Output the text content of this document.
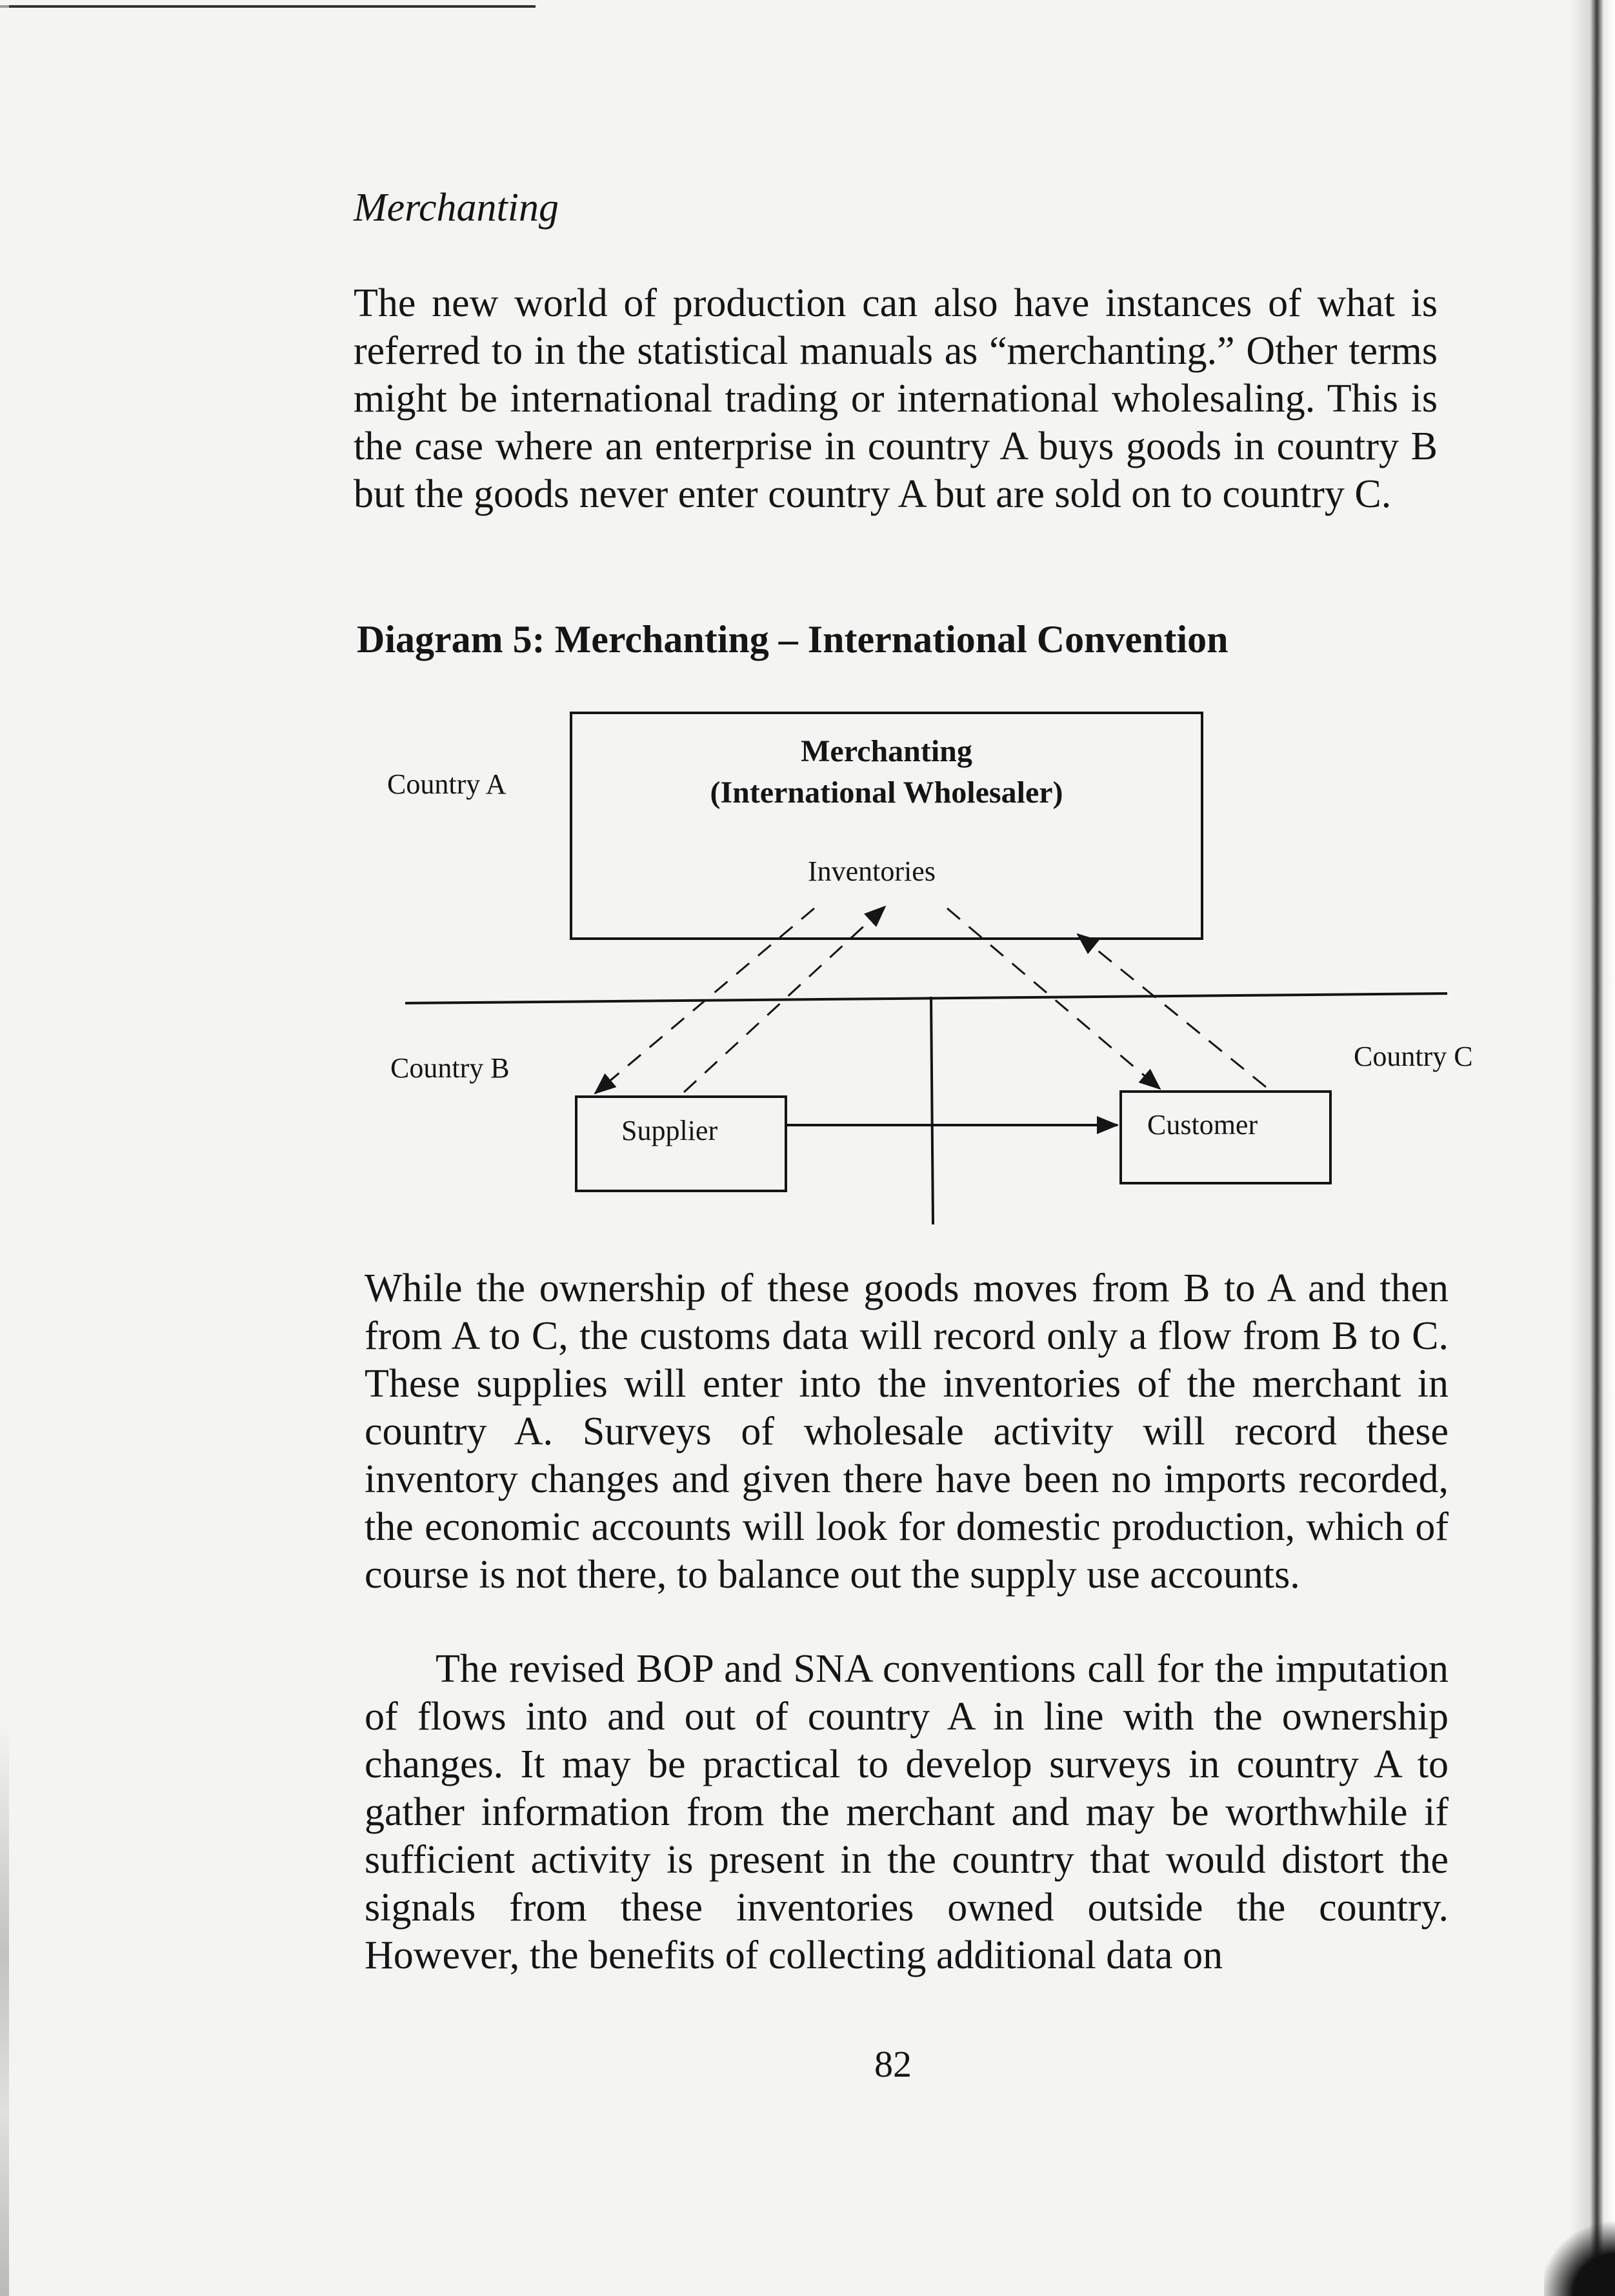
Merchanting

The new world of production can also have instances of what is referred to in the statistical manuals as “merchanting.” Other terms might be international trading or international wholesaling. This is the case where an enterprise in country A buys goods in country B but the goods never enter country A but are sold on to country C.

Diagram 5: Merchanting – International Convention
Country A
Merchanting
(International Wholesaler)
Inventories
Country B	Country C
Supplier	Customer

While the ownership of these goods moves from B to A and then from A to C, the customs data will record only a flow from B to C. These supplies will enter into the inventories of the merchant in country A. Surveys of wholesale activity will record these inventory changes and given there have been no imports recorded, the economic accounts will look for domestic production, which of course is not there, to balance out the supply use accounts.

The revised BOP and SNA conventions call for the imputation of flows into and out of country A in line with the ownership changes. It may be practical to develop surveys in country A to gather information from the merchant and may be worthwhile if sufficient activity is present in the country that would distort the signals from these inventories owned outside the country. However, the benefits of collecting additional data on

82
